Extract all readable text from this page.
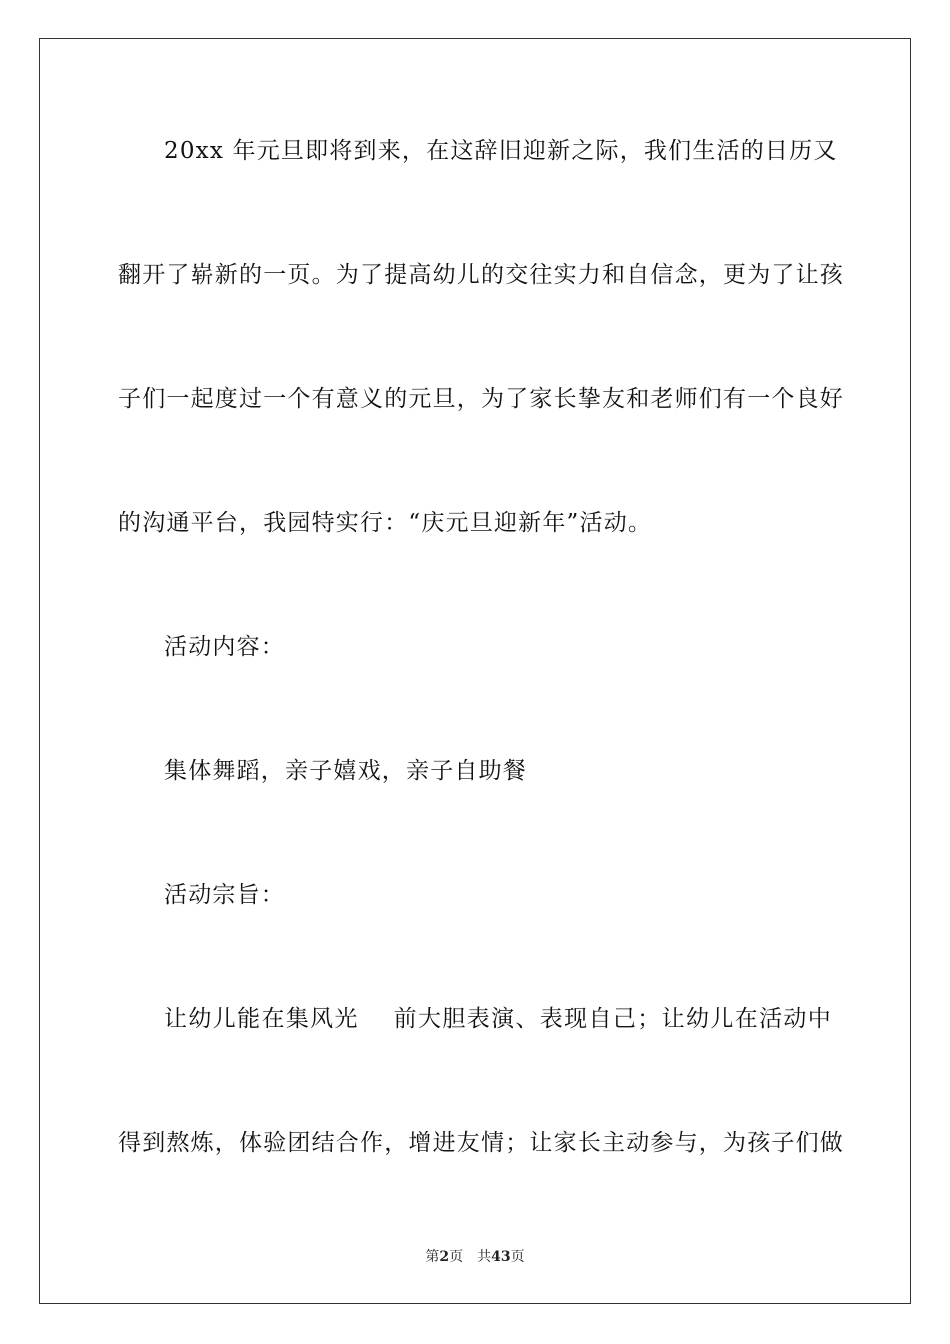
20xx 年元旦即将到来，在这辞旧迎新之际，我们生活的日历又
翻开了崭新的一页。为了提高幼儿的交往实力和自信念，更为了让孩
子们一起度过一个有意义的元旦，为了家长挚友和老师们有一个良好
的沟通平台，我园特实行：“庆元旦迎新年”活动。
活动内容：
集体舞蹈，亲子嬉戏，亲子自助餐
活动宗旨：
让幼儿能在集风光    前大胆表演、表现自己；让幼儿在活动中
得到熬炼，体验团结合作，增进友情；让家长主动参与，为孩子们做
第2页 共43页
